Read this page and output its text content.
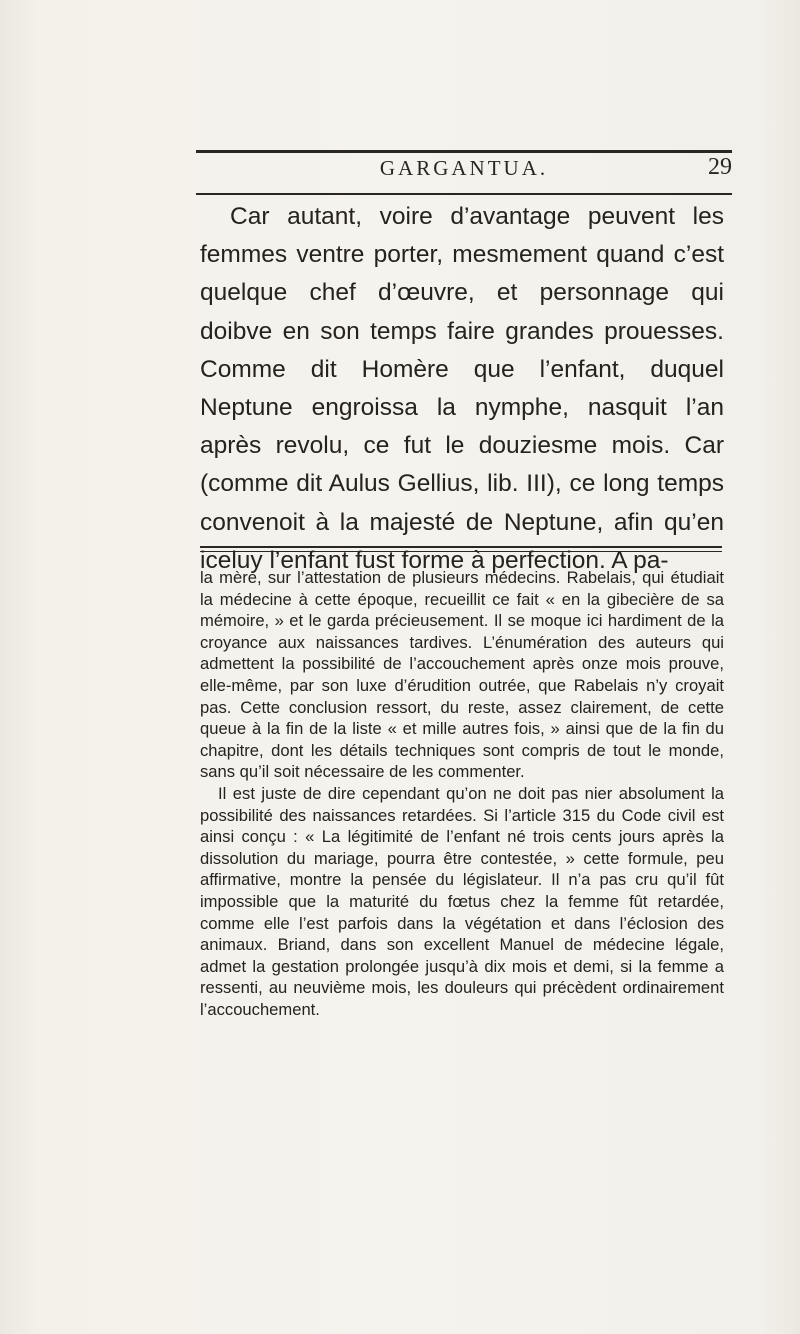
GARGANTUA.	29

Car autant, voire d’avantage peuvent les femmes ventre porter, mesmement quand c’est quelque chef d’œuvre, et personnage qui doibve en son temps faire grandes prouesses. Comme dit Homère que l’enfant, duquel Neptune engroissa la nymphe, nasquit l’an après revolu, ce fut le douziesme mois. Car (comme dit Aulus Gellius, lib. III), ce long temps convenoit à la majesté de Neptune, afin qu’en iceluy l’enfant fust forme à perfection. A pa-

la mère, sur l’attestation de plusieurs médecins. Rabelais, qui étudiait la médecine à cette époque, recueillit ce fait « en la gibecière de sa mémoire, » et le garda précieusement. Il se moque ici hardiment de la croyance aux naissances tardives. L’énumération des auteurs qui admettent la possibilité de l’accouchement après onze mois prouve, elle-même, par son luxe d’érudition outrée, que Rabelais n’y croyait pas. Cette conclusion ressort, du reste, assez clairement, de cette queue à la fin de la liste « et mille autres fois, » ainsi que de la fin du chapitre, dont les détails techniques sont compris de tout le monde, sans qu’il soit nécessaire de les commenter.

Il est juste de dire cependant qu’on ne doit pas nier absolument la possibilité des naissances retardées. Si l’article 315 du Code civil est ainsi conçu : « La légitimité de l’enfant né trois cents jours après la dissolution du mariage, pourra être contestée, » cette formule, peu affirmative, montre la pensée du législateur. Il n’a pas cru qu’il fût impossible que la maturité du fœtus chez la femme fût retardée, comme elle l’est parfois dans la végétation et dans l’éclosion des animaux. Briand, dans son excellent Manuel de médecine légale, admet la gestation prolongée jusqu’à dix mois et demi, si la femme a ressenti, au neuvième mois, les douleurs qui précèdent ordinairement l’accouchement.
